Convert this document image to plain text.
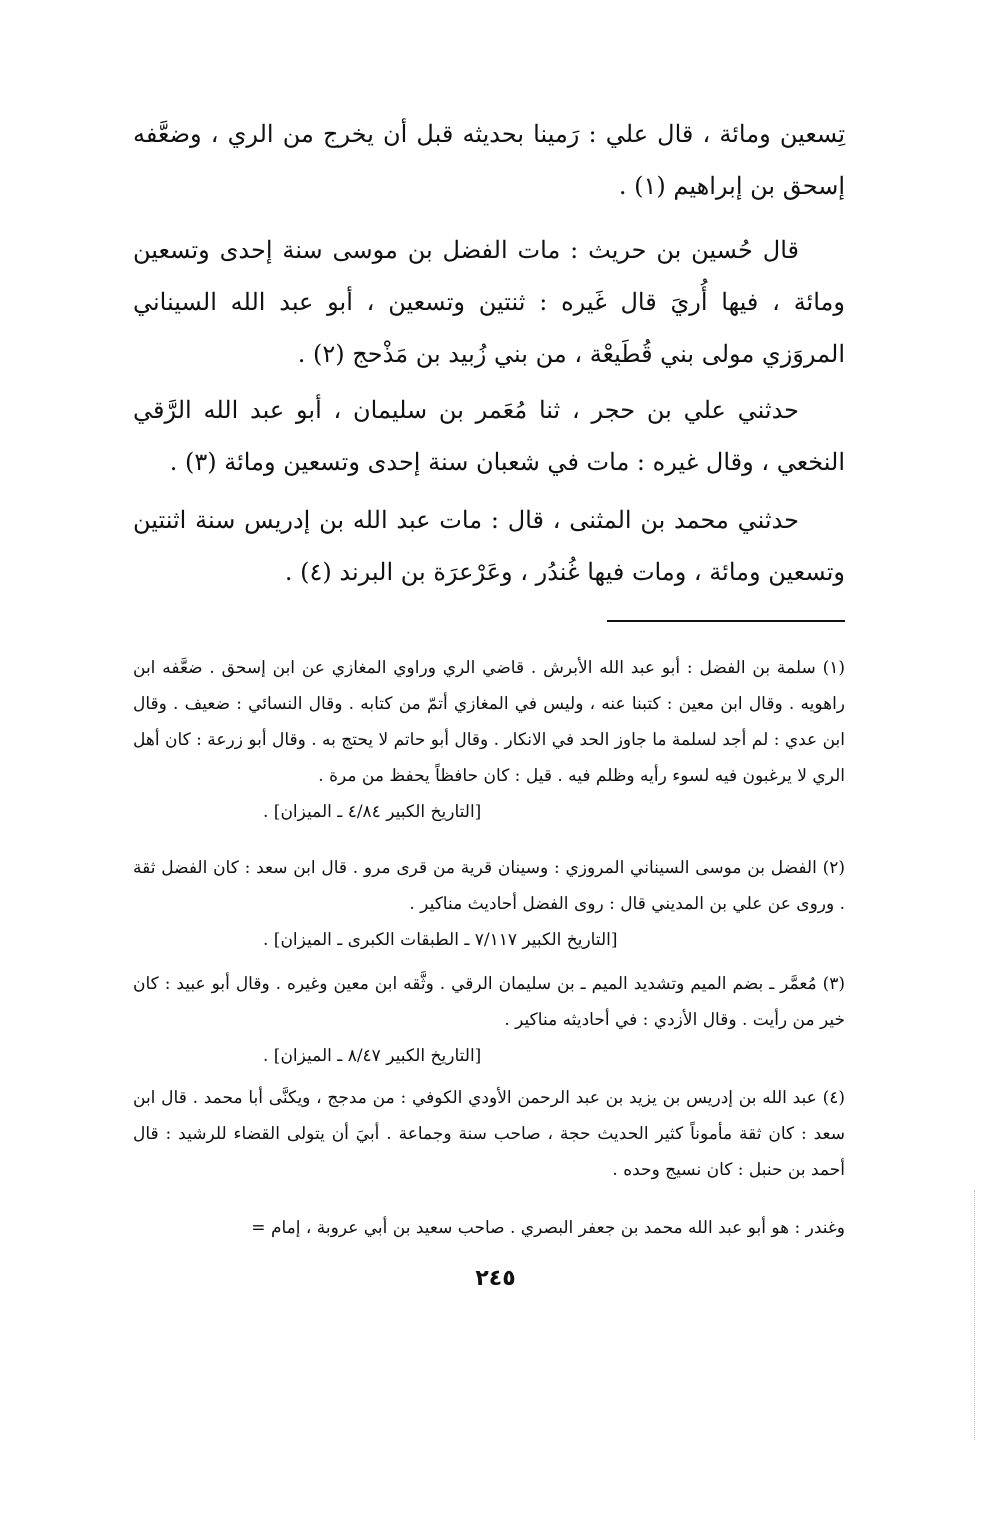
تِسعين ومائة ، قال علي : رَمينا بحديثه قبل أن يخرج من الري ، وضعَّفه إسحق بن إبراهيم (١) .

قال حُسين بن حريث : مات الفضل بن موسى سنة إحدى وتسعين ومائة ، فيها أُريَ قال غَيره : ثنتين وتسعين ، أبو عبد الله السيناني المروَزي مولى بني قُطَيعْة ، من بني زُبيد بن مَذْحج (٢) .

حدثني علي بن حجر ، ثنا مُعَمر بن سليمان ، أبو عبد الله الرَّقي النخعي ، وقال غيره : مات في شعبان سنة إحدى وتسعين ومائة (٣) .

حدثني محمد بن المثنى ، قال : مات عبد الله بن إدريس سنة اثنتين وتسعين ومائة ، ومات فيها غُندُر ، وعَرْعرَة بن البرند (٤) .

(١) سلمة بن الفضل : أبو عبد الله الأبرش . قاضي الري وراوي المغازي عن ابن إسحق . ضعَّفه ابن راهويه . وقال ابن معين : كتبنا عنه ، وليس في المغازي أتمّ من كتابه . وقال النسائي : ضعيف . وقال ابن عدي : لم أجد لسلمة ما جاوز الحد في الانكار . وقال أبو حاتم لا يحتج به . وقال أبو زرعة : كان أهل الري لا يرغبون فيه لسوء رأيه وظلم فيه . قيل : كان حافظاً يحفظ من مرة .

[التاريخ الكبير ٤/٨٤ ـ الميزان] .

(٢) الفضل بن موسى السيناني المروزي : وسينان قرية من قرى مرو . قال ابن سعد : كان الفضل ثقة . وروى عن علي بن المديني قال : روى الفضل أحاديث مناكير .

[التاريخ الكبير ٧/١١٧ ـ الطبقات الكبرى ـ الميزان] .

(٣) مُعمَّر ـ بضم الميم وتشديد الميم ـ بن سليمان الرقي . وثَّقه ابن معين وغيره . وقال أبو عبيد : كان خير من رأيت . وقال الأزدي : في أحاديثه مناكير .

[التاريخ الكبير ٨/٤٧ ـ الميزان] .

(٤) عبد الله بن إدريس بن يزيد بن عبد الرحمن الأودي الكوفي : من مدجج ، ويكنَّى أبا محمد . قال ابن سعد : كان ثقة مأموناً كثير الحديث حجة ، صاحب سنة وجماعة . أبيَ أن يتولى القضاء للرشيد : قال أحمد بن حنبل : كان نسيج وحده .

وغندر : هو أبو عبد الله محمد بن جعفر البصري . صاحب سعيد بن أبي عروبة ، إمام =

٢٤٥
